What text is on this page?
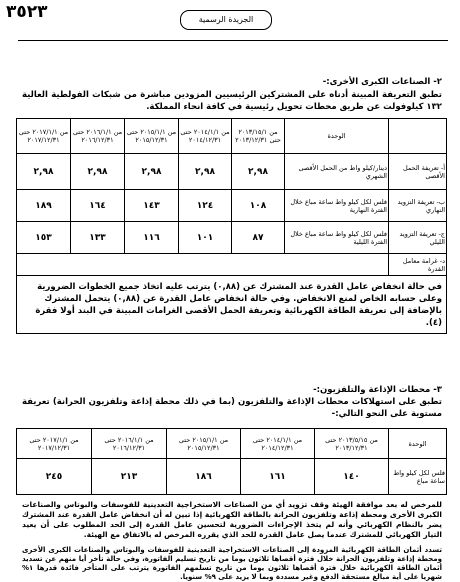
٣٥٢٣	الجريدة الرسمية
٢- الصناعات الكبرى الأخرى:-
تطبق التعريفة المبينة أدناه على المشتركين الرئيسيين المزودين مباشرة من شبكات الفولطية العالية ١٣٢ كيلوفولت عن طريق محطات تحويل رئيسية في كافة انحاء المملكة.
	الوحدة	من ٢٠١٣/١٥/١ حتى ٢٠١٣/١٢/٣١	من ٢٠١٤/١/١ حتى ٢٠١٤/١٢/٣١	من ٢٠١٥/١/١ حتى ٢٠١٥/١٢/٣١	من ٢٠١٦/١/١ حتى ٢٠١٦/١٢/٣١	من ٢٠١٧/١/١ حتى ٢٠١٧/١٢/٣١
أ- تعريفة الحمل الأقصى	دينار/كيلو واط من الحمل الأقصى الشهري	٢,٩٨	٢,٩٨	٢,٩٨	٢,٩٨	٢,٩٨
ب- تعريفة التزويد النهاري	فلس لكل كيلو واط ساعة مباع خلال الفترة النهارية	١٠٨	١٢٤	١٤٣	١٦٤	١٨٩
ج- تعريفة التزويد الليلي	فلس لكل كيلو واط ساعة مباع خلال الفترة الليلية	٨٧	١٠١	١١٦	١٣٣	١٥٣
د- غرامة معامل القدرة						
في حالة انخفاض عامل القدرة عند المشترك عن (٠,٨٨) يترتب عليه اتخاذ جميع الخطوات الضرورية وعلى حسابه الخاص لمنع الانخفاض. وفي حالة انخفاض عامل القدرة عن (٠,٨٨) يتحمل المشترك بالإضافة إلى تعريفة الطاقة الكهربائية وتعريفة الحمل الأقصى الغرامات المبينة في البند أولا فقرة (٤).						
٣- محطات الإذاعة والتلفزيون:-
تطبق على استهلاكات محطات الإذاعة والتلفزيون (بما في ذلك محطة إذاعة وتلفزيون الحرانة) تعريفة مستوية على النحو التالي:-
الوحدة	من ٢٠١٣/٥/١٥ حتى ٢٠١٣/١٢/٣١	من ٢٠١٤/١/١ حتى ٢٠١٤/١٢/٣١	من ٢٠١٥/١/١ حتى ٢٠١٥/١٢/٣١	من ٢٠١٦/١/١ حتى ٢٠١٦/١٢/٣١	من ٢٠١٧/١/١ حتى ٢٠١٧/١٢/٣١
فلس لكل كيلو واط ساعة مباع	١٤٠	١٦١	١٨٦	٢١٣	٢٤٥
للمرخص له بعد موافقة الهيئة وقف تزويد أي من الصناعات الاستخراجية التعدينية للفوسفات والبوتاس والصناعات الكبرى الأخرى ومحطة إذاعة وتلفزيون الحرانة بالطاقة الكهربائية إذا تبين له أن انخفاض عامل القدرة عند المشترك يضر بالنظام الكهربائي وأنه لم يتخذ الإجراءات الضرورية لتحسين عامل القدرة إلى الحد المطلوب على أن يعيد التيار الكهربائي للمشترك عندما يصل عامل القدرة للحد الذي يقرره المرخص له بالاتفاق مع الهيئة.
تسدد أثمان الطاقة الكهربائية المزودة إلى الصناعات الاستخراجية التعدينية للفوسفات والبوتاس والصناعات الكبرى الأخرى ومحطة إذاعة وتلفزيون الحرانة خلال فترة أقصاها ثلاثون يوما من تاريخ تسليم الفاتورة، وفي حالة تأخر أيا منهم عن تسديد أثمان الطاقة الكهربائية خلال فترة أقصاها ثلاثون يوما من تاريخ تسلمهم الفاتورة يترتب على المتأخر فائدة قدرها ١% شهريا على أية مبالغ مستحقة الدفع وغير مسددة وبما لا يزيد على ٩% سنويا.
